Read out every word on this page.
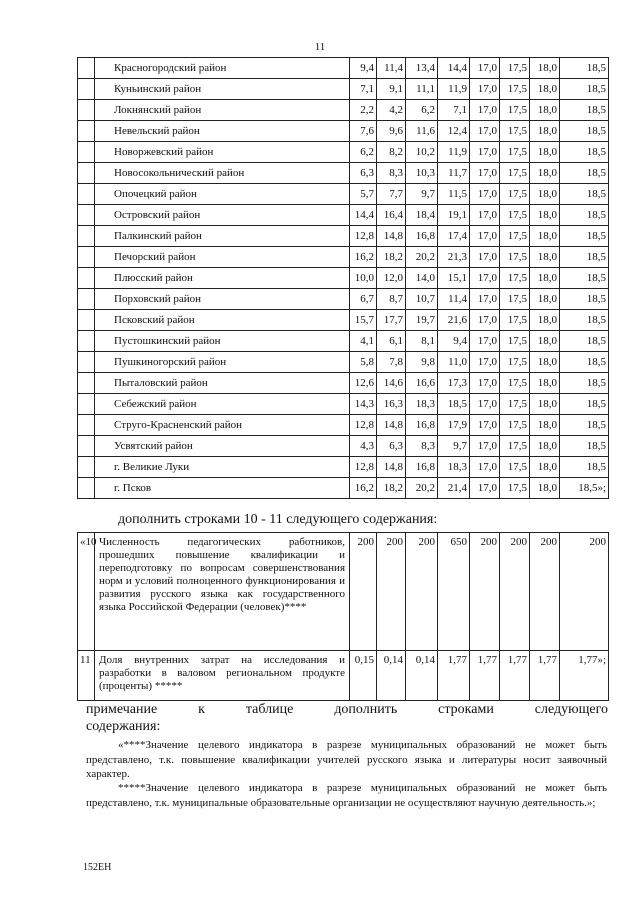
11
	Красногородский район	9,4	11,4	13,4	14,4	17,0	17,5	18,0	18,5
	Куньинский район	7,1	9,1	11,1	11,9	17,0	17,5	18,0	18,5
	Локнянский район	2,2	4,2	6,2	7,1	17,0	17,5	18,0	18,5
	Невельский район	7,6	9,6	11,6	12,4	17,0	17,5	18,0	18,5
	Новоржевский район	6,2	8,2	10,2	11,9	17,0	17,5	18,0	18,5
	Новосокольнический район	6,3	8,3	10,3	11,7	17,0	17,5	18,0	18,5
	Опочецкий район	5,7	7,7	9,7	11,5	17,0	17,5	18,0	18,5
	Островский район	14,4	16,4	18,4	19,1	17,0	17,5	18,0	18,5
	Палкинский район	12,8	14,8	16,8	17,4	17,0	17,5	18,0	18,5
	Печорский район	16,2	18,2	20,2	21,3	17,0	17,5	18,0	18,5
	Плюсский район	10,0	12,0	14,0	15,1	17,0	17,5	18,0	18,5
	Порховский район	6,7	8,7	10,7	11,4	17,0	17,5	18,0	18,5
	Псковский район	15,7	17,7	19,7	21,6	17,0	17,5	18,0	18,5
	Пустошкинский район	4,1	6,1	8,1	9,4	17,0	17,5	18,0	18,5
	Пушкиногорский район	5,8	7,8	9,8	11,0	17,0	17,5	18,0	18,5
	Пыталовский район	12,6	14,6	16,6	17,3	17,0	17,5	18,0	18,5
	Себежский район	14,3	16,3	18,3	18,5	17,0	17,5	18,0	18,5
	Струго-Красненский район	12,8	14,8	16,8	17,9	17,0	17,5	18,0	18,5
	Усвятский район	4,3	6,3	8,3	9,7	17,0	17,5	18,0	18,5
	г. Великие Луки	12,8	14,8	16,8	18,3	17,0	17,5	18,0	18,5
	г. Псков	16,2	18,2	20,2	21,4	17,0	17,5	18,0	18,5»;
дополнить строками 10 - 11 следующего содержания:
«10	Численность педагогических работников, прошедших повышение квалификации и переподготовку по вопросам совершенствования норм и условий полноценного функционирования и развития русского языка как государственного языка Российской Федерации (человек)****	200	200	200	650	200	200	200	200
11	Доля внутренних затрат на исследования и разработки в валовом региональном продукте (проценты) *****	0,15	0,14	0,14	1,77	1,77	1,77	1,77	1,77»;
примечание к таблице дополнить строками следующего
содержания:
«****Значение целевого индикатора в разрезе муниципальных образований не может быть представлено, т.к. повышение квалификации учителей русского языка и литературы носит заявочный характер.
*****Значение целевого индикатора в разрезе муниципальных образований не может быть представлено, т.к. муниципальные образовательные организации не осуществляют научную деятельность.»;
152ЕН
